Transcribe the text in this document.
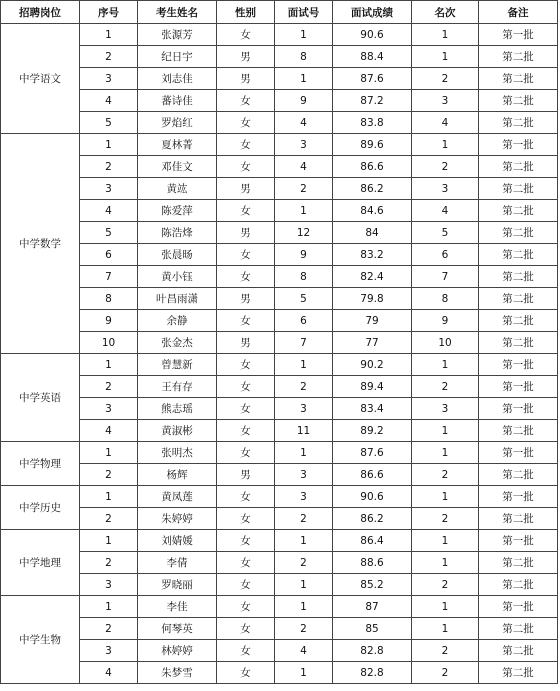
招聘岗位	序号	考生姓名	性别	面试号	面试成绩	名次	备注
中学语文	1	张源芳	女	1	90.6	1	第一批
	2	纪日宇	男	8	88.4	1	第二批
	3	刘志佳	男	1	87.6	2	第二批
	4	蕃诗佳	女	9	87.2	3	第二批
	5	罗焰红	女	4	83.8	4	第二批
中学数学	1	夏林菁	女	3	89.6	1	第一批
	2	邓佳文	女	4	86.6	2	第二批
	3	黄竑	男	2	86.2	3	第二批
	4	陈爱萍	女	1	84.6	4	第二批
	5	陈浩烽	男	12	84	5	第二批
	6	张晨旸	女	9	83.2	6	第二批
	7	黄小钰	女	8	82.4	7	第二批
	8	叶昌雨潇	男	5	79.8	8	第二批
	9	余静	女	6	79	9	第二批
	10	张金杰	男	7	77	10	第二批
中学英语	1	曾慧新	女	1	90.2	1	第一批
	2	王有存	女	2	89.4	2	第一批
	3	熊志瑶	女	3	83.4	3	第一批
	4	黄淑彬	女	11	89.2	1	第二批
中学物理	1	张明杰	女	1	87.6	1	第一批
	2	杨辉	男	3	86.6	2	第二批
中学历史	1	黄凤莲	女	3	90.6	1	第一批
	2	朱婷婷	女	2	86.2	2	第二批
中学地理	1	刘婧媛	女	1	86.4	1	第一批
	2	李倩	女	2	88.6	1	第二批
	3	罗晓丽	女	1	85.2	2	第二批
中学生物	1	李佳	女	1	87	1	第一批
	2	何琴英	女	2	85	1	第二批
	3	林婷婷	女	4	82.8	2	第二批
	4	朱梦雪	女	1	82.8	2	第二批
